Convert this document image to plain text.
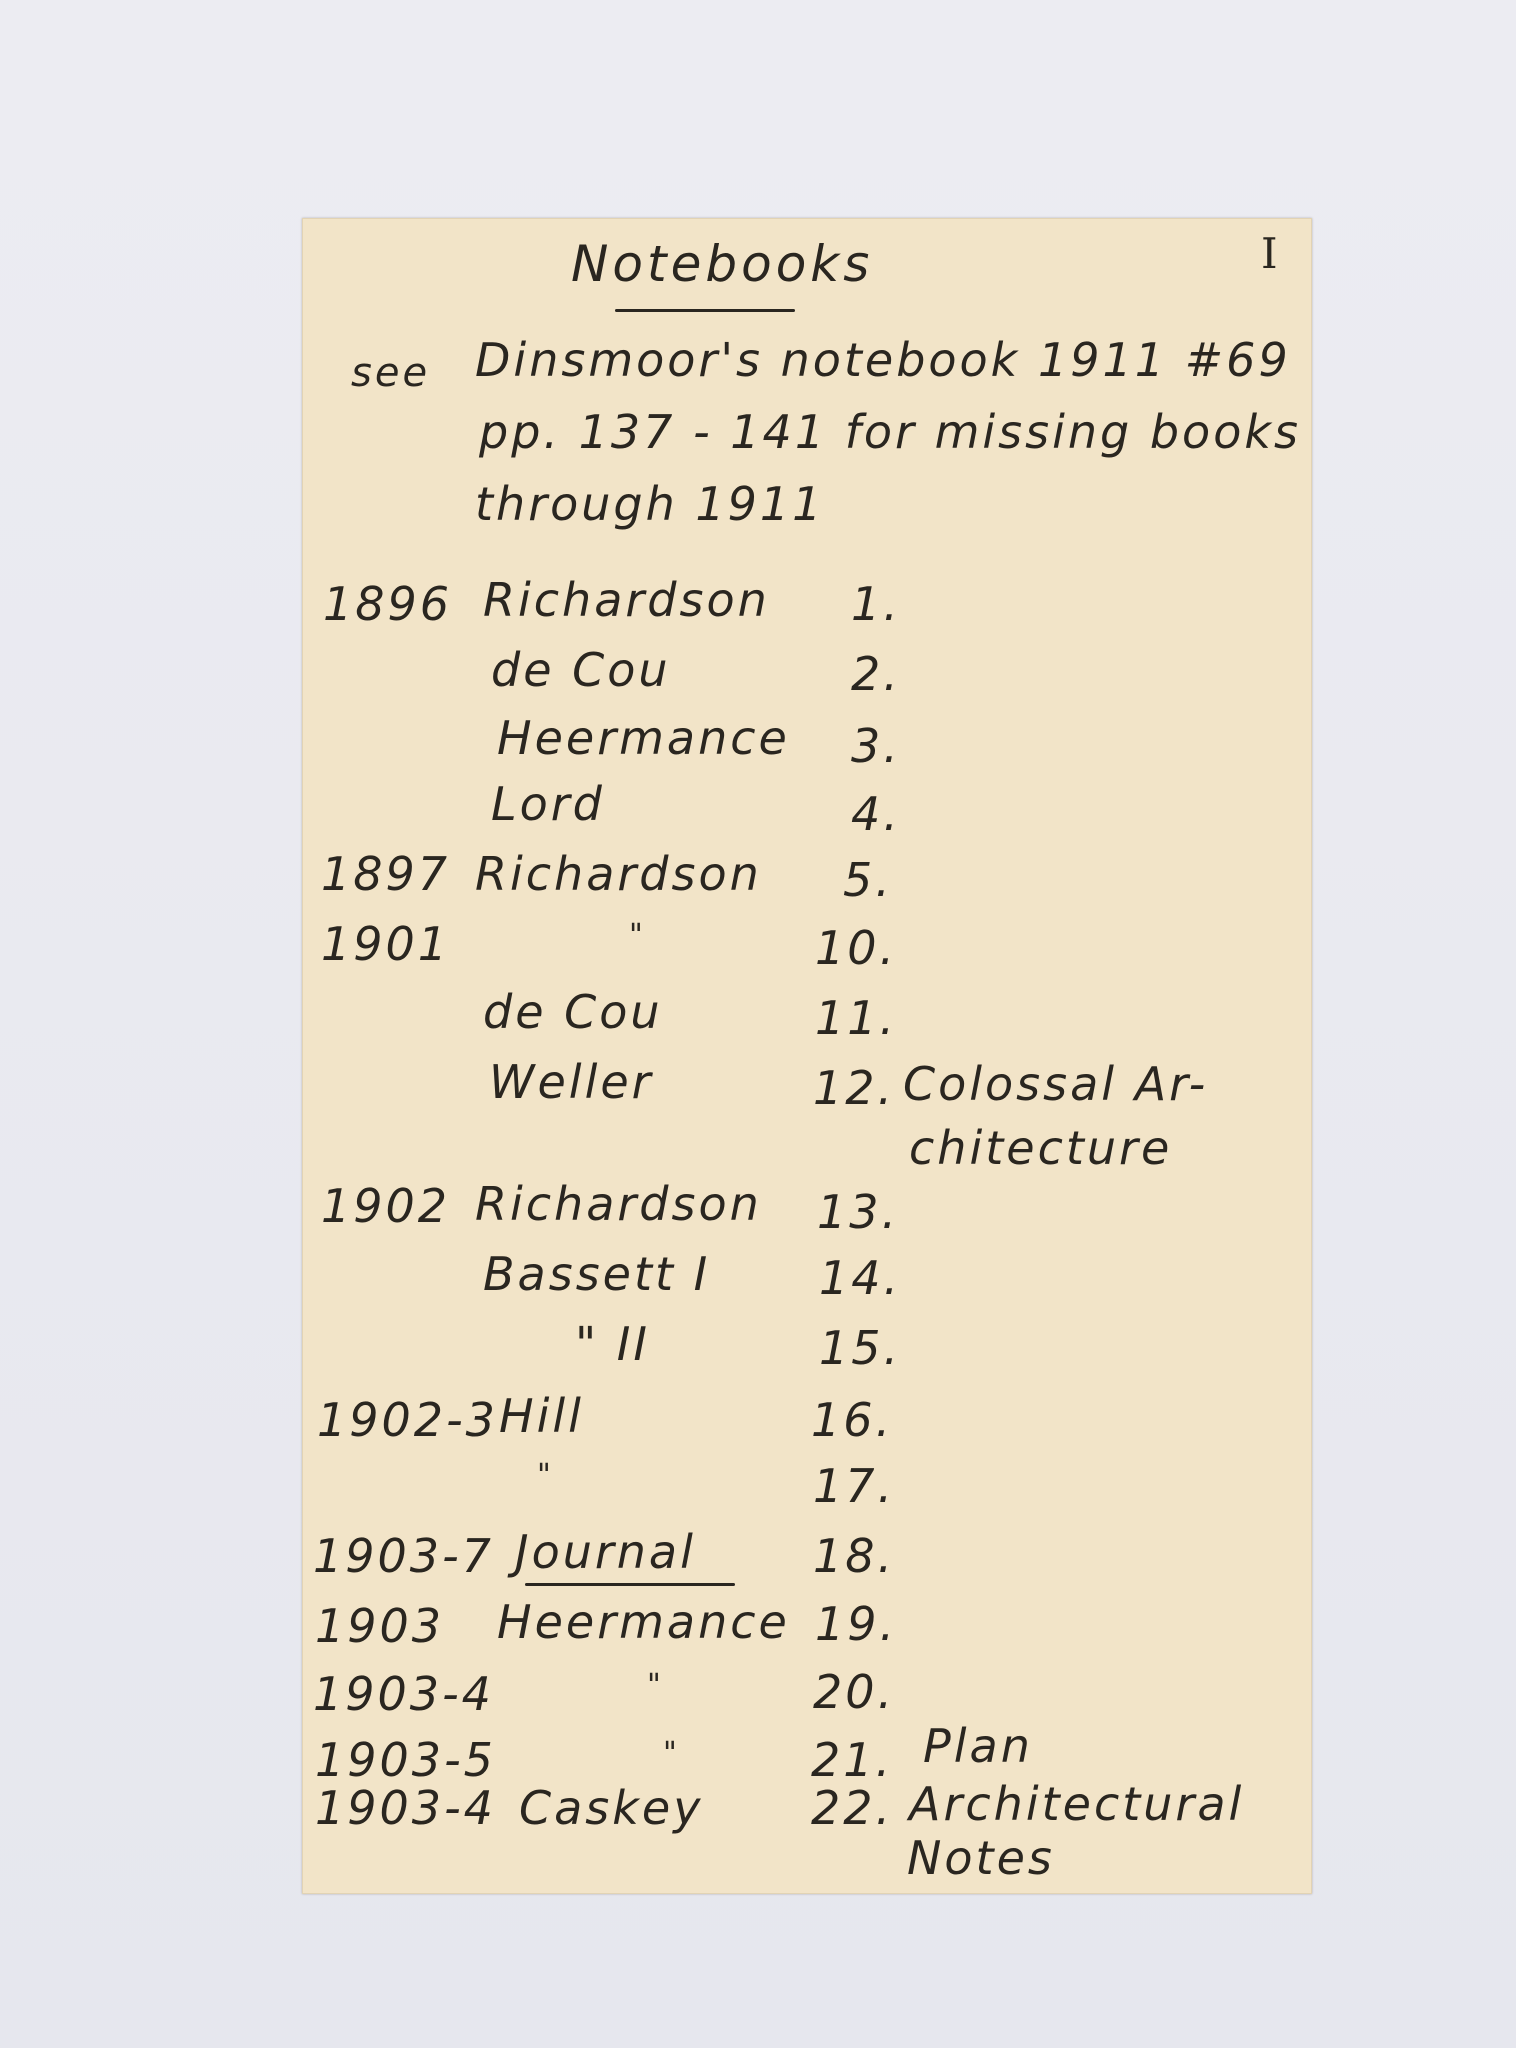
Notebooks	I
see Dinsmoor's notebook 1911 #69
pp. 137 - 141 for missing books
through 1911
1896
1897
1901
1902
1902-3
1903-7
1903
1903-4
1903-5
1903-4
Richardson
de Cou
Heermance
Lord
Richardson
"
de Cou
Weller
Richardson
Bassett I
" II
Hill
"
Journal
Heermance
"
"
Caskey
1.
2.
3.
4.
5.
10.
11.
12.
13.
14.
15.
16.
17.
18.
19.
20.
21.
22.
Colossal Ar-
chitecture
Plan
Architectural
Notes
